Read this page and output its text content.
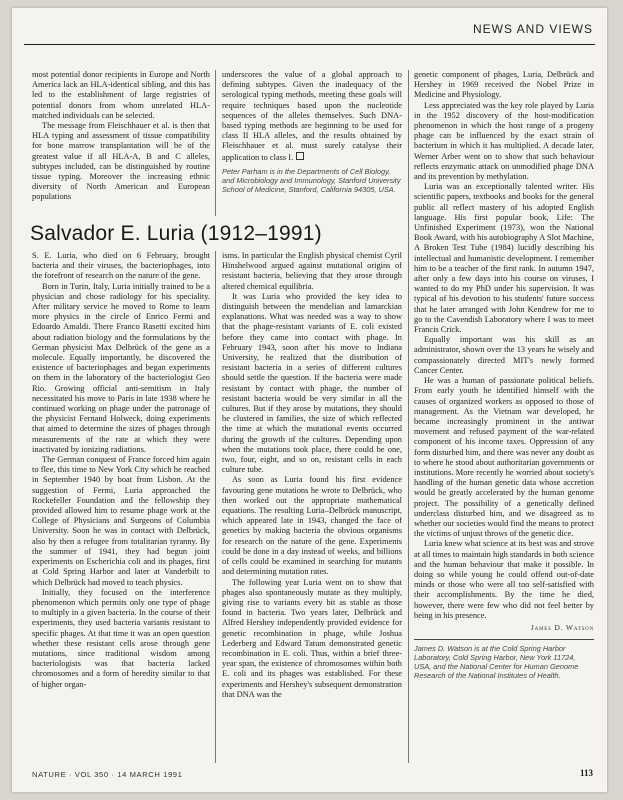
NEWS AND VIEWS

most potential donor recipients in Europe and North America lack an HLA-identical sibling, and this has led to the establishment of large registries of potential donors from whom unrelated HLA-matched individuals can be selected.

The message from Fleischhauer et al. is then that HLA typing and assessment of tissue compatibility for bone marrow transplantation will be of the greatest value if all HLA-A, B and C alleles, subtypes included, can be distinguished by routine tissue typing. Moreover the increasing ethnic diversity of North American and European populations

underscores the value of a global approach to defining subtypes. Given the inadequacy of the serological typing methods, meeting these goals will require techniques based upon the nucleotide sequences of the alleles themselves. Such DNA-based typing methods are beginning to be used for class II HLA alleles, and the results obtained by Fleischhauer et al. must surely catalyse their application to class I.

Peter Parham is in the Departments of Cell Biology, and Microbiology and Immunology, Stanford University School of Medicine, Stanford, California 94305, USA.
Salvador E. Luria (1912–1991)

S. E. Luria, who died on 6 February, brought bacteria and their viruses, the bacteriophages, into the forefront of research on the nature of the gene.

Born in Turin, Italy, Luria initially trained to be a physician and chose radiology for his speciality. After military service he moved to Rome to learn more physics in the circle of Enrico Fermi and Edoardo Amaldi. There Franco Rasetti excited him about radiation biology and the formulations by the German physicist Max Delbrück of the gene as a molecule. Equally importantly, he discovered the existence of bacteriophages and began experiments on them in the laboratory of the bacteriologist Geo Rio. Growing official anti-semitism in Italy necessitated his move to Paris in late 1938 where he continued working on phage under the patronage of the physicist Fernand Holweck, doing experiments that aimed to determine the sizes of phages through measurements of the rate at which they were inactivated by ionizing radiations.

The German conquest of France forced him again to flee, this time to New York City which he reached in September 1940 by boat from Lisbon. At the suggestion of Fermi, Luria approached the Rockefeller Foundation and the fellowship they provided allowed him to resume phage work at the College of Physicians and Surgeons of Columbia University. Soon he was in contact with Delbrück, also by then a refugee from totalitarian tyranny. By the summer of 1941, they had begun joint experiments on Escherichia coli and its phages, first at Cold Spring Harbor and later at Vanderbilt to which Delbrück had moved to teach physics.

Initially, they focused on the interference phenomenon which permits only one type of phage to multiply in a given bacteria. In the course of their experiments, they used bacteria variants resistant to specific phages. At that time it was an open question whether these resistant cells arose through gene mutations, since traditional wisdom among bacteriologists was that bacteria lacked chromosomes and a form of heredity similar to that of higher organ-

isms. In particular the English physical chemist Cyril Hinshelwood argued against mutational origins of resistant bacteria, believing that they arose through altered chemical equilibria.

It was Luria who provided the key idea to distinguish between the mendelian and lamarckian explanations. What was needed was a way to show that the phage-resistant variants of E. coli existed before they came into contact with phage. In February 1943, soon after his move to Indiana University, he realized that the distribution of resistant bacteria in a series of different cultures should settle the question. If the bacteria were made resistant by contact with phage, the number of resistant bacteria would be very similar in all the cultures. But if they arose by mutations, they should be clustered in families, the size of which reflected the time at which the mutational events occurred during the growth of the cultures. Depending upon when the mutations took place, there could be one, two, four, eight, and so on, resistant cells in each culture tube.

As soon as Luria found his first evidence favouring gene mutations he wrote to Delbrück, who then worked out the appropriate mathematical equations. The resulting Luria–Delbrück manuscript, which appeared late in 1943, changed the face of genetics by making bacteria the obvious organisms for research on the nature of the gene. Experiments could be done in a day instead of weeks, and billions of cells could be examined in searching for mutants and determining mutation rates.

The following year Luria went on to show that phages also spontaneously mutate as they multiply, giving rise to variants every bit as stable as those found in bacteria. Two years later, Delbrück and Alfred Hershey independently provided evidence for genetic recombination in phage, while Joshua Lederberg and Edward Tatum demonstrated genetic recombination in E. coli. Thus, within a brief three-year span, the existence of chromosomes within both E. coli and its phages was established. For these experiments and Hershey's subsequent demonstration that DNA was the

genetic component of phages, Luria, Delbrück and Hershey in 1969 received the Nobel Prize in Medicine and Physiology.

Less appreciated was the key role played by Luria in the 1952 discovery of the host-modification phenomenon in which the host range of a progeny phage can be influenced by the exact strain of bacterium in which it has multiplied. A decade later, Werner Arber went on to show that such behaviour reflects enzymatic attack on unmodified phage DNA and its prevention by methylation.

Luria was an exceptionally talented writer. His scientific papers, textbooks and books for the general public all reflect mastery of his adopted English language. His first popular book, Life: The Unfinished Experiment (1973), won the National Book Award, with his autobiography A Slot Machine, A Broken Test Tube (1984) lucidly describing his intellectual and humanistic development. I remember him to be a teacher of the first rank. In autumn 1947, after only a few days into his course on viruses, I wanted to do my PhD under his supervision. It was typical of his devotion to his students' future success that he later arranged with John Kendrew for me to go to the Cavendish Laboratory where I was to meet Francis Crick.

Equally important was his skill as an administrator, shown over the 13 years he wisely and compassionately directed MIT's newly formed Cancer Center.

He was a human of passionate political beliefs. From early youth he identified himself with the causes of organized workers as opposed to those of management. As the Vietnam war developed, he became increasingly prominent in the antiwar movement and refused payment of the war-related component of his income taxes. Oppression of any form disturbed him, and there was never any doubt as to where he stood about authoritarian governments or institutions. More recently he worried about society's handling of the human genetic data whose accretion would be greatly accelerated by the human genome project. The possibility of a genetically defined underclass disturbed him, and we disagreed as to whether our societies would find the means to protect the victims of unjust throws of the genetic dice.

Luria knew what science at its best was and strove at all times to maintain high standards in both science and the human behaviour that make it possible. In doing so while young he could offend out-of-date minds or those who were all too self-satisfied with their accomplishments. By the time he died, however, there were few who did not feel better by being in his presence.

James D. Watson
James D. Watson is at the Cold Spring Harbor Laboratory, Cold Spring Harbor, New York 11724, USA, and the National Center for Human Genome Research of the National Institutes of Health.
NATURE · VOL 350 · 14 MARCH 1991	113
